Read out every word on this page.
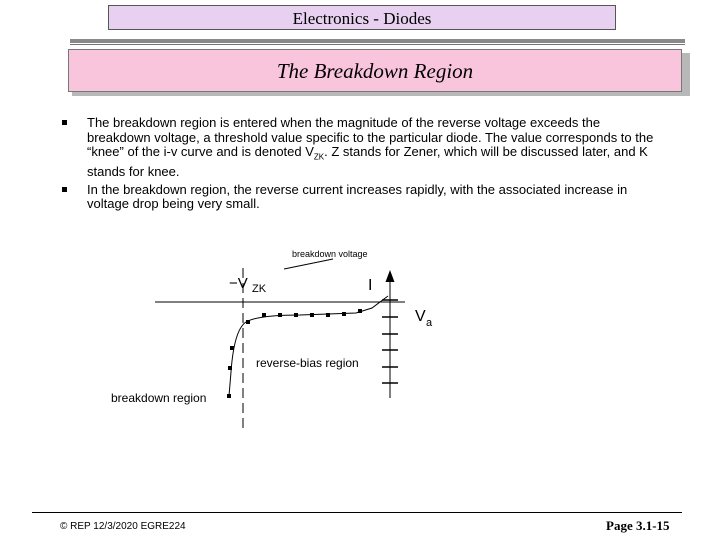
Electronics - Diodes
The Breakdown Region
The breakdown region is entered when the magnitude of the reverse voltage exceeds the breakdown voltage, a threshold value specific to the particular diode. The value corresponds to the “knee” of the i-v curve and is denoted $V_{ZK}$. Z stands for Zener, which will be discussed later, and K stands for knee.
In the breakdown region, the reverse current increases rapidly, with the associated increase in voltage drop being very small.
breakdown voltage
−V ZK	I
V a
reverse-bias region
breakdown region
© REP 12/3/2020 EGRE224	Page 3.1-15
